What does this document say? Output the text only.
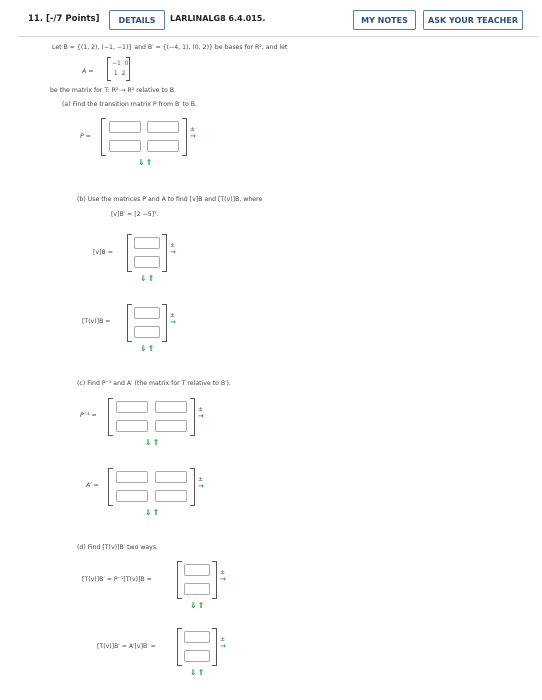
11. [-/7 Points]	DETAILS	LARLINALG8 6.4.015.	MY NOTES	ASK YOUR TEACHER
Let B = {(1, 2), (−1, −1)} and B′ = {(−4, 1), (0, 2)} be bases for R², and let
A =
−1  0
1  2
be the matrix for T: R² → R² relative to B.
(a) Find the transition matrix P from B′ to B.
P =
±
→
⇓⇑
(b) Use the matrices P and A to find [v]B and [T(v)]B, where
[v]B′ = [2 −5]ᵀ.
[v]B =
±
→
⇓⇑
[T(v)]B =
±
→
⇓⇑
(c) Find P⁻¹ and A′ (the matrix for T relative to B′).
P⁻¹ =
±
→
⇓⇑
A′ =
±
→
⇓⇑
(d) Find [T(v)]B′ two ways.
[T(v)]B′ = P⁻¹[T(v)]B =
±
→
⇓⇑
[T(v)]B′ = A′[v]B′ =
±
→
⇓⇑
